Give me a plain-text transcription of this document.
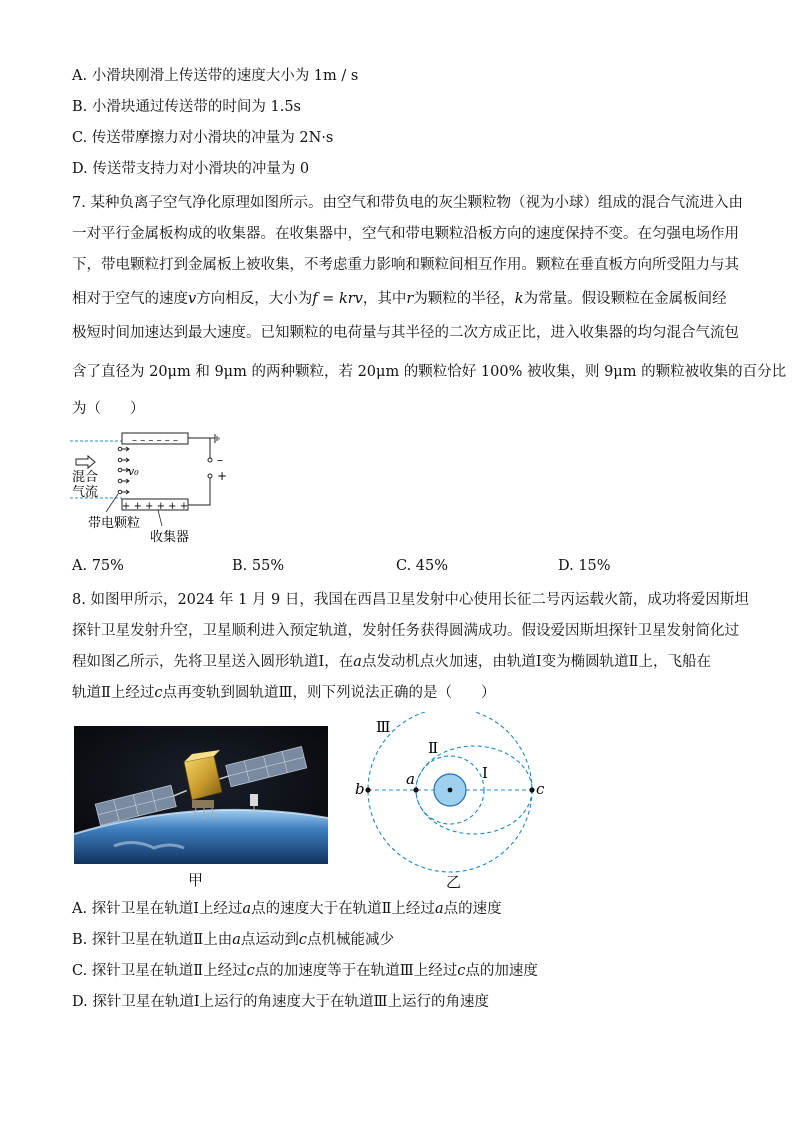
A. 小滑块刚滑上传送带的速度大小为 1m / s
B. 小滑块通过传送带的时间为 1.5s
C. 传送带摩擦力对小滑块的冲量为 2N·s
D. 传送带支持力对小滑块的冲量为 0
7. 某种负离子空气净化原理如图所示。由空气和带负电的灰尘颗粒物（视为小球）组成的混合气流进入由
一对平行金属板构成的收集器。在收集器中，空气和带电颗粒沿板方向的速度保持不变。在匀强电场作用
下，带电颗粒打到金属板上被收集，不考虑重力影响和颗粒间相互作用。颗粒在垂直板方向所受阻力与其
相对于空气的速度v方向相反，大小为f = krv，其中r为颗粒的半径，k为常量。假设颗粒在金属板间经
极短时间加速达到最大速度。已知颗粒的电荷量与其半径的二次方成正比，进入收集器的均匀混合气流包
含了直径为 20μm 和 9μm 的两种颗粒，若 20μm 的颗粒恰好 100% 被收集，则 9μm 的颗粒被收集的百分比
为（　　）
– – – – – –
+ + + + + +
–
+
v₀
混合
气流
带电颗粒
收集器
A. 75%	B. 55%	C. 45%	D. 15%
8. 如图甲所示，2024 年 1 月 9 日，我国在西昌卫星发射中心使用长征二号丙运载火箭，成功将爱因斯坦
探针卫星发射升空，卫星顺利进入预定轨道，发射任务获得圆满成功。假设爱因斯坦探针卫星发射简化过
程如图乙所示，先将卫星送入圆形轨道Ⅰ，在a点发动机点火加速，由轨道Ⅰ变为椭圆轨道Ⅱ上，飞船在
轨道Ⅱ上经过c点再变轨到圆轨道Ⅲ，则下列说法正确的是（　　）
甲
Ⅲ
Ⅱ
Ⅰ
b
a
c
乙
A. 探针卫星在轨道Ⅰ上经过a点的速度大于在轨道Ⅱ上经过a点的速度
B. 探针卫星在轨道Ⅱ上由a点运动到c点机械能减少
C. 探针卫星在轨道Ⅱ上经过c点的加速度等于在轨道Ⅲ上经过c点的加速度
D. 探针卫星在轨道Ⅰ上运行的角速度大于在轨道Ⅲ上运行的角速度
